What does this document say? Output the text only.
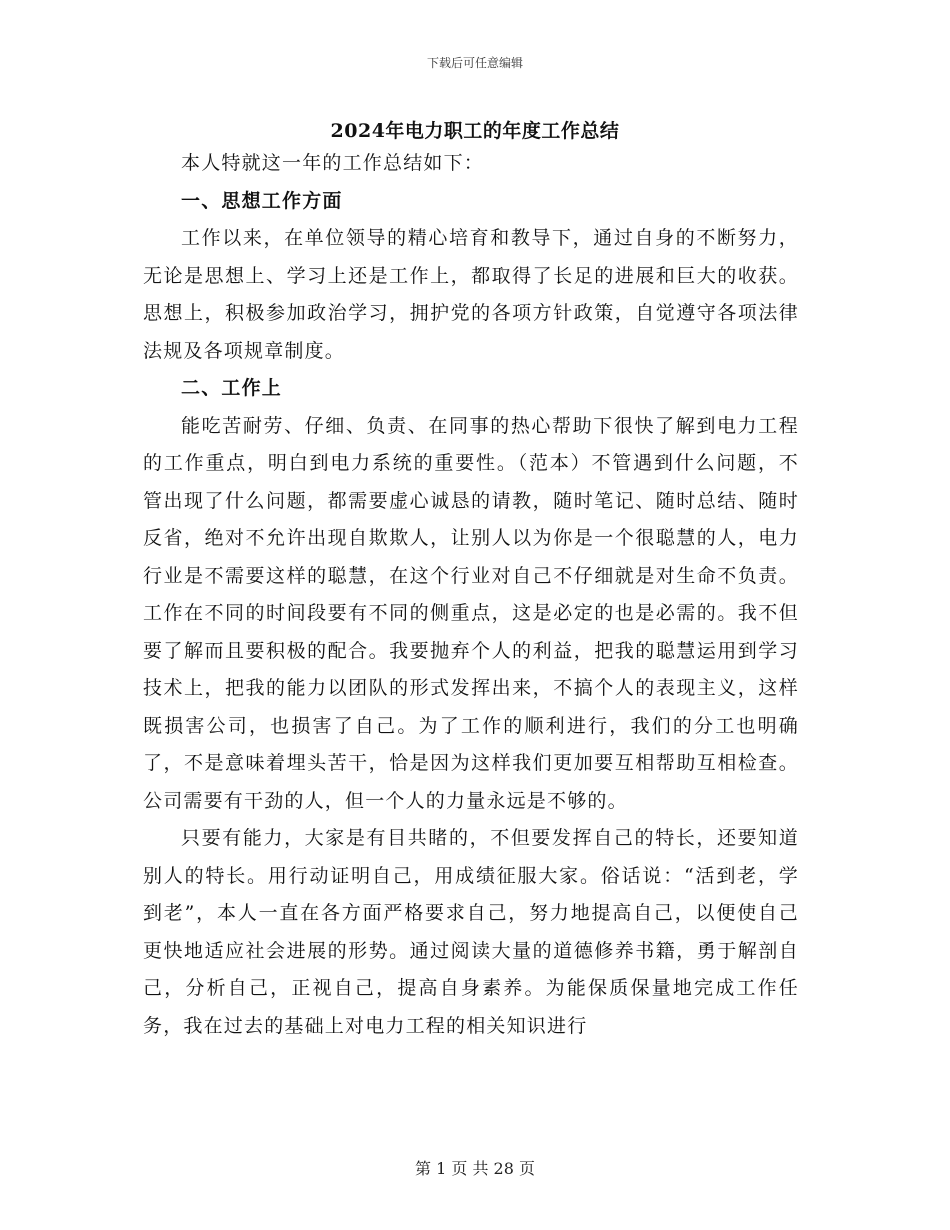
下载后可任意编辑
2024年电力职工的年度工作总结

本人特就这一年的工作总结如下：

一、思想工作方面

工作以来，在单位领导的精心培育和教导下，通过自身的不断努力，无论是思想上、学习上还是工作上，都取得了长足的进展和巨大的收获。思想上，积极参加政治学习，拥护党的各项方针政策，自觉遵守各项法律法规及各项规章制度。

二、工作上

能吃苦耐劳、仔细、负责、在同事的热心帮助下很快了解到电力工程的工作重点，明白到电力系统的重要性。（范本）不管遇到什么问题，不管出现了什么问题，都需要虚心诚恳的请教，随时笔记、随时总结、随时反省，绝对不允许出现自欺欺人，让别人以为你是一个很聪慧的人，电力行业是不需要这样的聪慧，在这个行业对自己不仔细就是对生命不负责。工作在不同的时间段要有不同的侧重点，这是必定的也是必需的。我不但要了解而且要积极的配合。我要抛弃个人的利益，把我的聪慧运用到学习技术上，把我的能力以团队的形式发挥出来，不搞个人的表现主义，这样既损害公司，也损害了自己。为了工作的顺利进行，我们的分工也明确了，不是意味着埋头苦干，恰是因为这样我们更加要互相帮助互相检查。公司需要有干劲的人，但一个人的力量永远是不够的。

只要有能力，大家是有目共睹的，不但要发挥自己的特长，还要知道别人的特长。用行动证明自己，用成绩征服大家。俗话说：“活到老，学到老”，本人一直在各方面严格要求自己，努力地提高自己，以便使自己更快地适应社会进展的形势。通过阅读大量的道德修养书籍，勇于解剖自己，分析自己，正视自己，提高自身素养。为能保质保量地完成工作任务，我在过去的基础上对电力工程的相关知识进行

第 1 页 共 28 页
